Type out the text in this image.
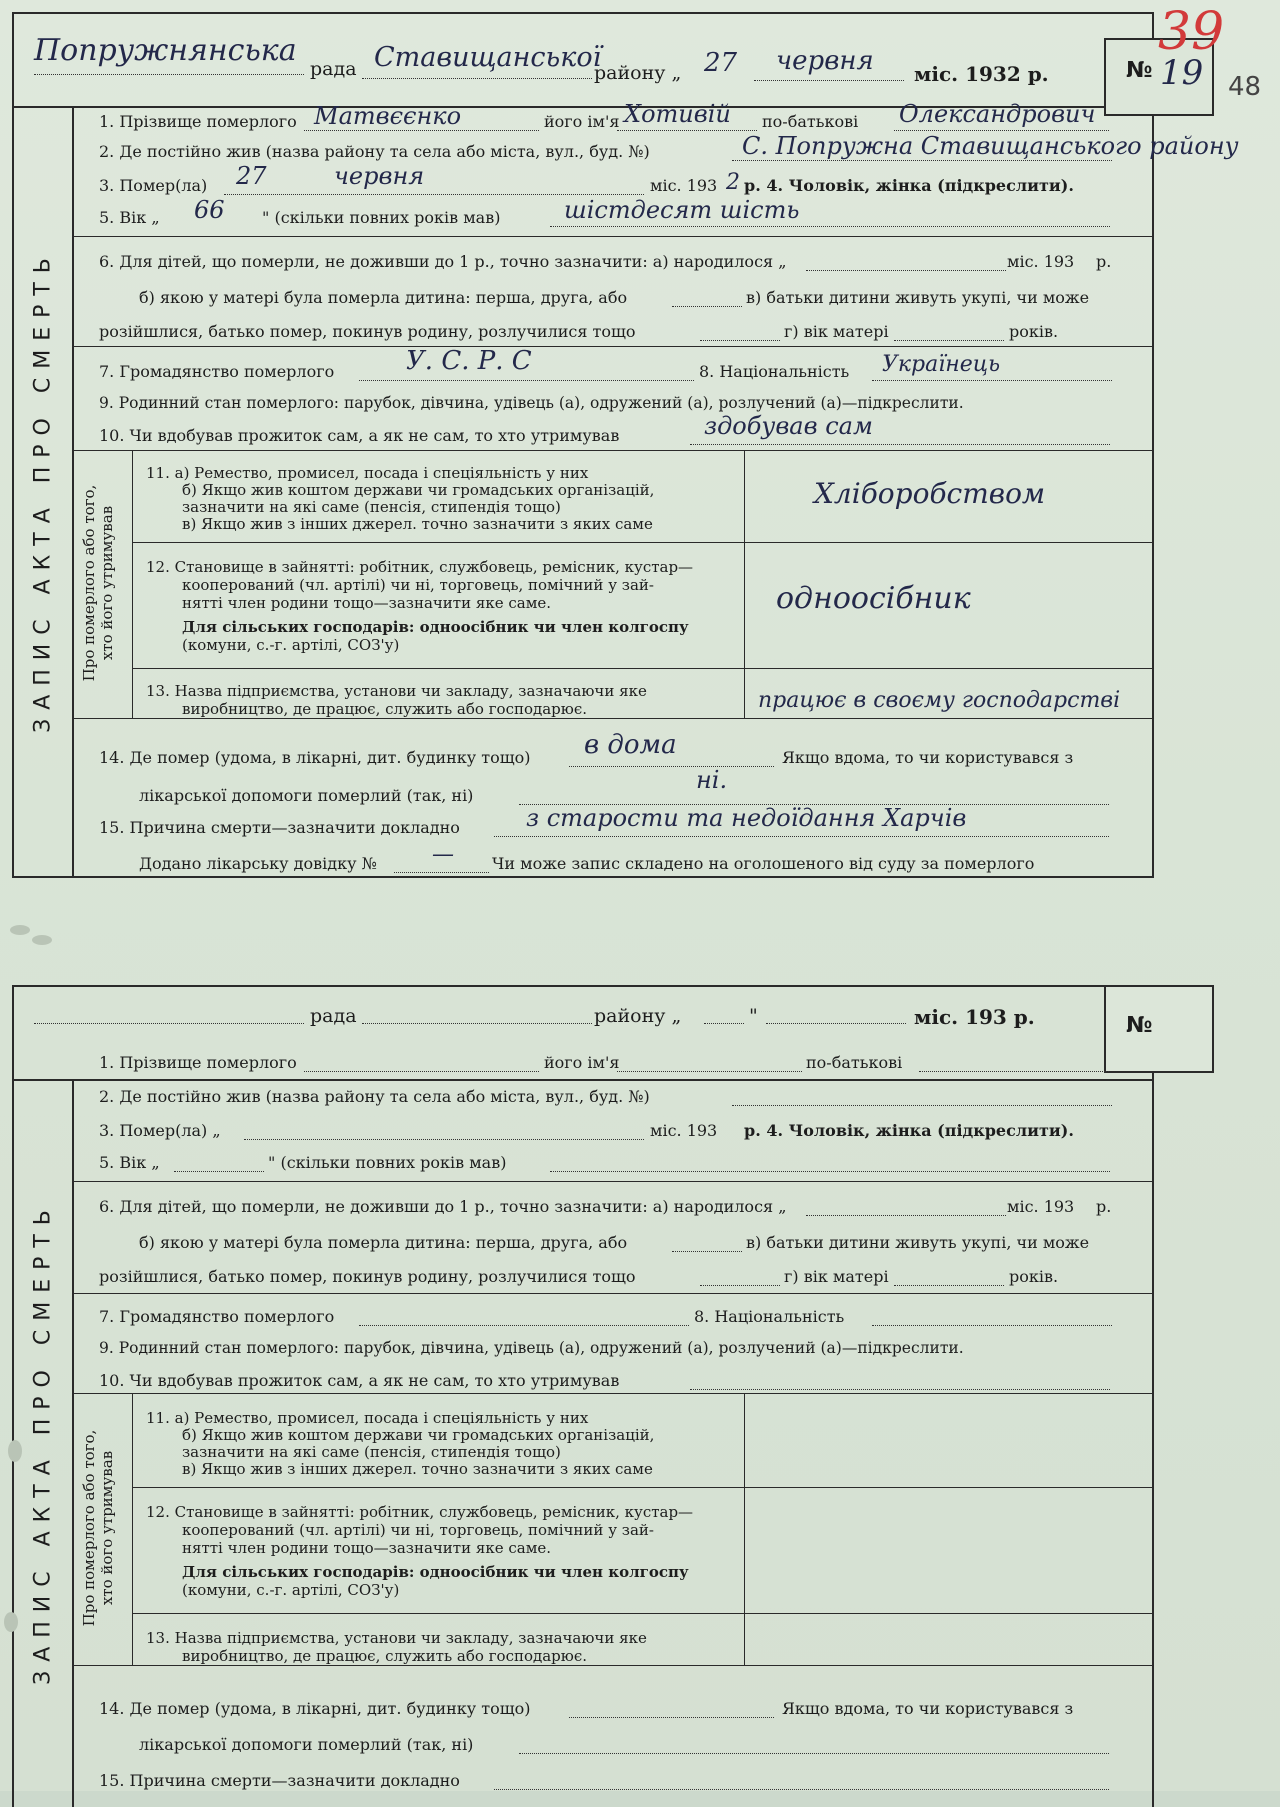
Попружнянська
рада Ставищанської
району „ 27 червня міс. 1932 р.	№ 19
ЗАПИС АКТА ПРО СМЕРТЬ
1. Прізвище померлого Матвєєнко	його ім'я Хотивій по-батькові Олександрович
2. Де постійно жив (назва району та села або міста, вул., буд. №)	С. Попружна Ставищанського району
3. Помер(ла) 27	червня	міс. 193 2 р. 4. Чоловік, жінка (підкреслити).
5. Вік „ 66 " (скільки повних років мав)	шістдесят шість
6. Для дітей, що померли, не доживши до 1 р., точно зазначити: а) народилося „	міс. 193 р.
б) якою у матері була померла дитина: перша, друга, або	в) батьки дитини живуть укупі, чи може
розійшлися, батько помер, покинув родину, розлучилися тощо	г) вік матері	років.
7. Громадянство померлого	У. С. Р. С	8. Національність Українець
9. Родинний стан померлого: парубок, дівчина, удівець (а), одружений (а), розлучений (а)—підкреслити.
10. Чи вдобував прожиток сам, а як не сам, то хто утримував	здобував сам
Про померлого або того,
хто його утримував
11. а) Ремество, промисел, посада і спеціяльність у них
б) Якщо жив коштом держави чи громадських організацій,
зазначити на які саме (пенсія, стипендія тощо)
в) Якщо жив з інших джерел. точно зазначити з яких саме
Хліборобством
12. Становище в зайнятті: робітник, службовець, ремісник, кустар—
кооперований (чл. артілі) чи ні, торговець, помічний у зай-
нятті член родини тощо—зазначити яке саме.
Для сільських господарів: одноосібник чи член колгоспу
(комуни, с.-г. артілі, СОЗ'у)
одноосібник
13. Назва підприємства, установи чи закладу, зазначаючи яке
виробництво, де працює, служить або господарює.	працює в своєму господарстві
14. Де помер (удома, в лікарні, дит. будинку тощо) в дома	Якщо вдома, то чи користувався з
лікарської допомоги померлий (так, ні)
ні.
15. Причина смерти—зазначити докладно	з старости та недоїдання Харчів
Додано лікарську довідку №	— Чи може запис складено на оголошеного від суду за померлого
39
48
рада	району „	"	міс. 193 р.	№
ЗАПИС АКТА ПРО СМЕРТЬ
1. Прізвище померлого	його ім'я	по-батькові
2. Де постійно жив (назва району та села або міста, вул., буд. №)
3. Помер(ла) „	міс. 193 р. 4. Чоловік, жінка (підкреслити).
5. Вік „	" (скільки повних років мав)
6. Для дітей, що померли, не доживши до 1 р., точно зазначити: а) народилося „	міс. 193 р.
б) якою у матері була померла дитина: перша, друга, або	в) батьки дитини живуть укупі, чи може
розійшлися, батько помер, покинув родину, розлучилися тощо	г) вік матері	років.
7. Громадянство померлого	8. Національність
9. Родинний стан померлого: парубок, дівчина, удівець (а), одружений (а), розлучений (а)—підкреслити.
10. Чи вдобував прожиток сам, а як не сам, то хто утримував
Про померлого або того,
хто його утримував
11. а) Ремество, промисел, посада і спеціяльність у них
б) Якщо жив коштом держави чи громадських організацій,
зазначити на які саме (пенсія, стипендія тощо)
в) Якщо жив з інших джерел. точно зазначити з яких саме
12. Становище в зайнятті: робітник, службовець, ремісник, кустар—
кооперований (чл. артілі) чи ні, торговець, помічний у зай-
нятті член родини тощо—зазначити яке саме.
Для сільських господарів: одноосібник чи член колгоспу
(комуни, с.-г. артілі, СОЗ'у)
13. Назва підприємства, установи чи закладу, зазначаючи яке
виробництво, де працює, служить або господарює.
14. Де помер (удома, в лікарні, дит. будинку тощо)	Якщо вдома, то чи користувався з
лікарської допомоги померлий (так, ні)
15. Причина смерти—зазначити докладно
